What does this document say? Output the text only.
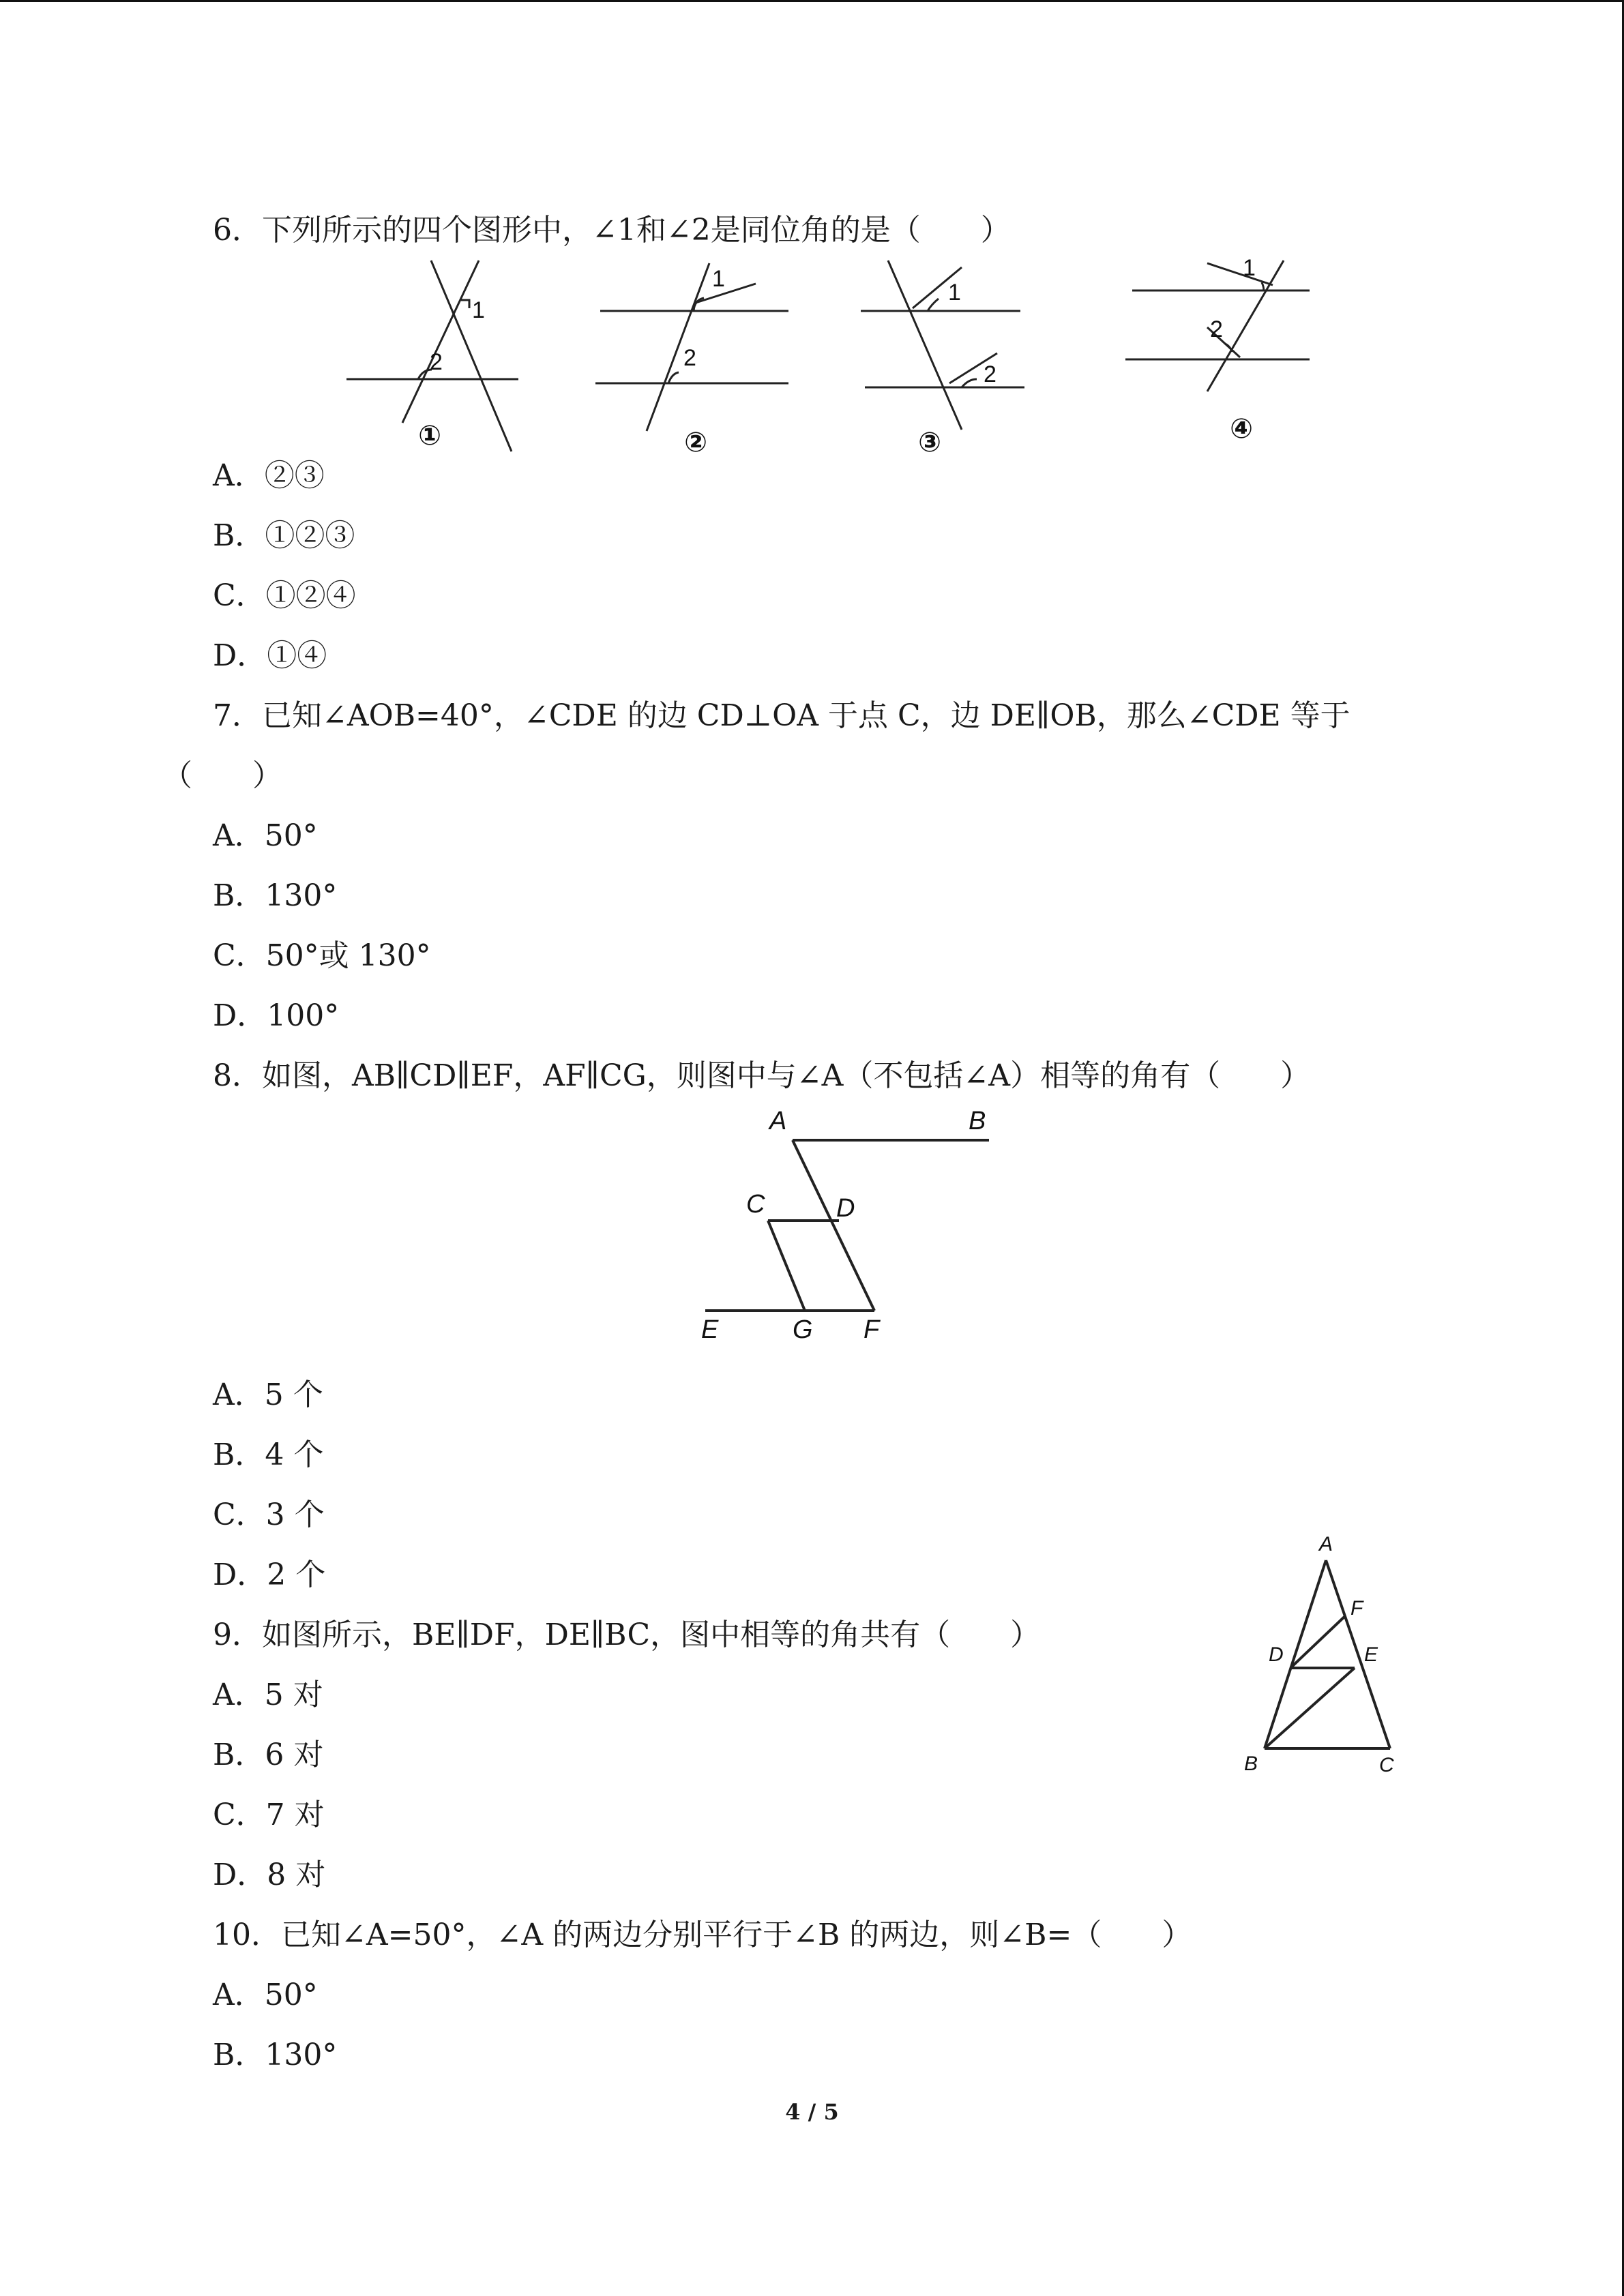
6．下列所示的四个图形中，∠1和∠2是同位角的是（　　）
1
2
1
2
1
2
1
2
①	②	③	④
A．②③
B．①②③
C．①②④
D．①④
7．已知∠AOB=40°，∠CDE 的边 CD⊥OA 于点 C，边 DE∥OB，那么∠CDE 等于
（　　）
A．50°
B．130°
C．50°或 130°
D．100°
8．如图，AB∥CD∥EF，AF∥CG，则图中与∠A（不包括∠A）相等的角有（　　）
A	B
C	D
E	G F
A．5 个
B．4 个
C．3 个
D．2 个
9．如图所示，BE∥DF，DE∥BC，图中相等的角共有（　　）
A
F
D	E
B	C
A．5 对
B．6 对
C．7 对
D．8 对
10．已知∠A=50°，∠A 的两边分别平行于∠B 的两边，则∠B=（　　）
A．50°
B．130°
4 / 5
